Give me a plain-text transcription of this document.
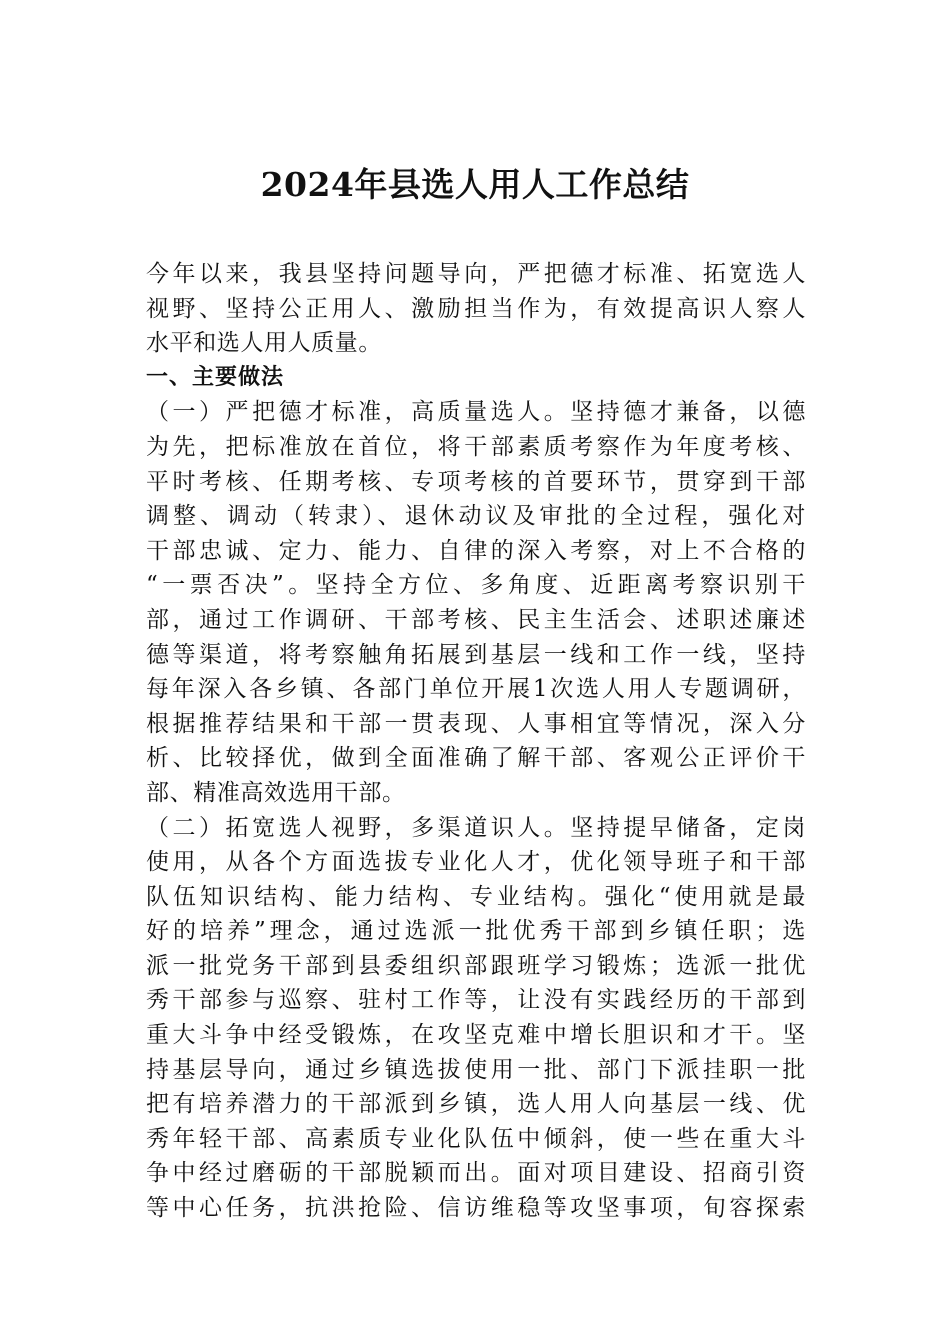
2024年县选人用人工作总结
今年以来，我县坚持问题导向，严把德才标准、拓宽选人
视野、坚持公正用人、激励担当作为，有效提高识人察人
水平和选人用人质量。
一、主要做法
（一）严把德才标准，高质量选人。坚持德才兼备，以德
为先，把标准放在首位，将干部素质考察作为年度考核、
平时考核、任期考核、专项考核的首要环节，贯穿到干部
调整、调动（转隶）、退休动议及审批的全过程，强化对
干部忠诚、定力、能力、自律的深入考察，对上不合格的
“一票否决”。坚持全方位、多角度、近距离考察识别干
部，通过工作调研、干部考核、民主生活会、述职述廉述
德等渠道，将考察触角拓展到基层一线和工作一线，坚持
每年深入各乡镇、各部门单位开展1次选人用人专题调研，
根据推荐结果和干部一贯表现、人事相宜等情况，深入分
析、比较择优，做到全面准确了解干部、客观公正评价干
部、精准高效选用干部。
（二）拓宽选人视野，多渠道识人。坚持提早储备，定岗
使用，从各个方面选拔专业化人才，优化领导班子和干部
队伍知识结构、能力结构、专业结构。强化“使用就是最
好的培养”理念，通过选派一批优秀干部到乡镇任职；选
派一批党务干部到县委组织部跟班学习锻炼；选派一批优
秀干部参与巡察、驻村工作等，让没有实践经历的干部到
重大斗争中经受锻炼，在攻坚克难中增长胆识和才干。坚
持基层导向，通过乡镇选拔使用一批、部门下派挂职一批
把有培养潜力的干部派到乡镇，选人用人向基层一线、优
秀年轻干部、高素质专业化队伍中倾斜，使一些在重大斗
争中经过磨砺的干部脱颖而出。面对项目建设、招商引资
等中心任务，抗洪抢险、信访维稳等攻坚事项，旬容探索
